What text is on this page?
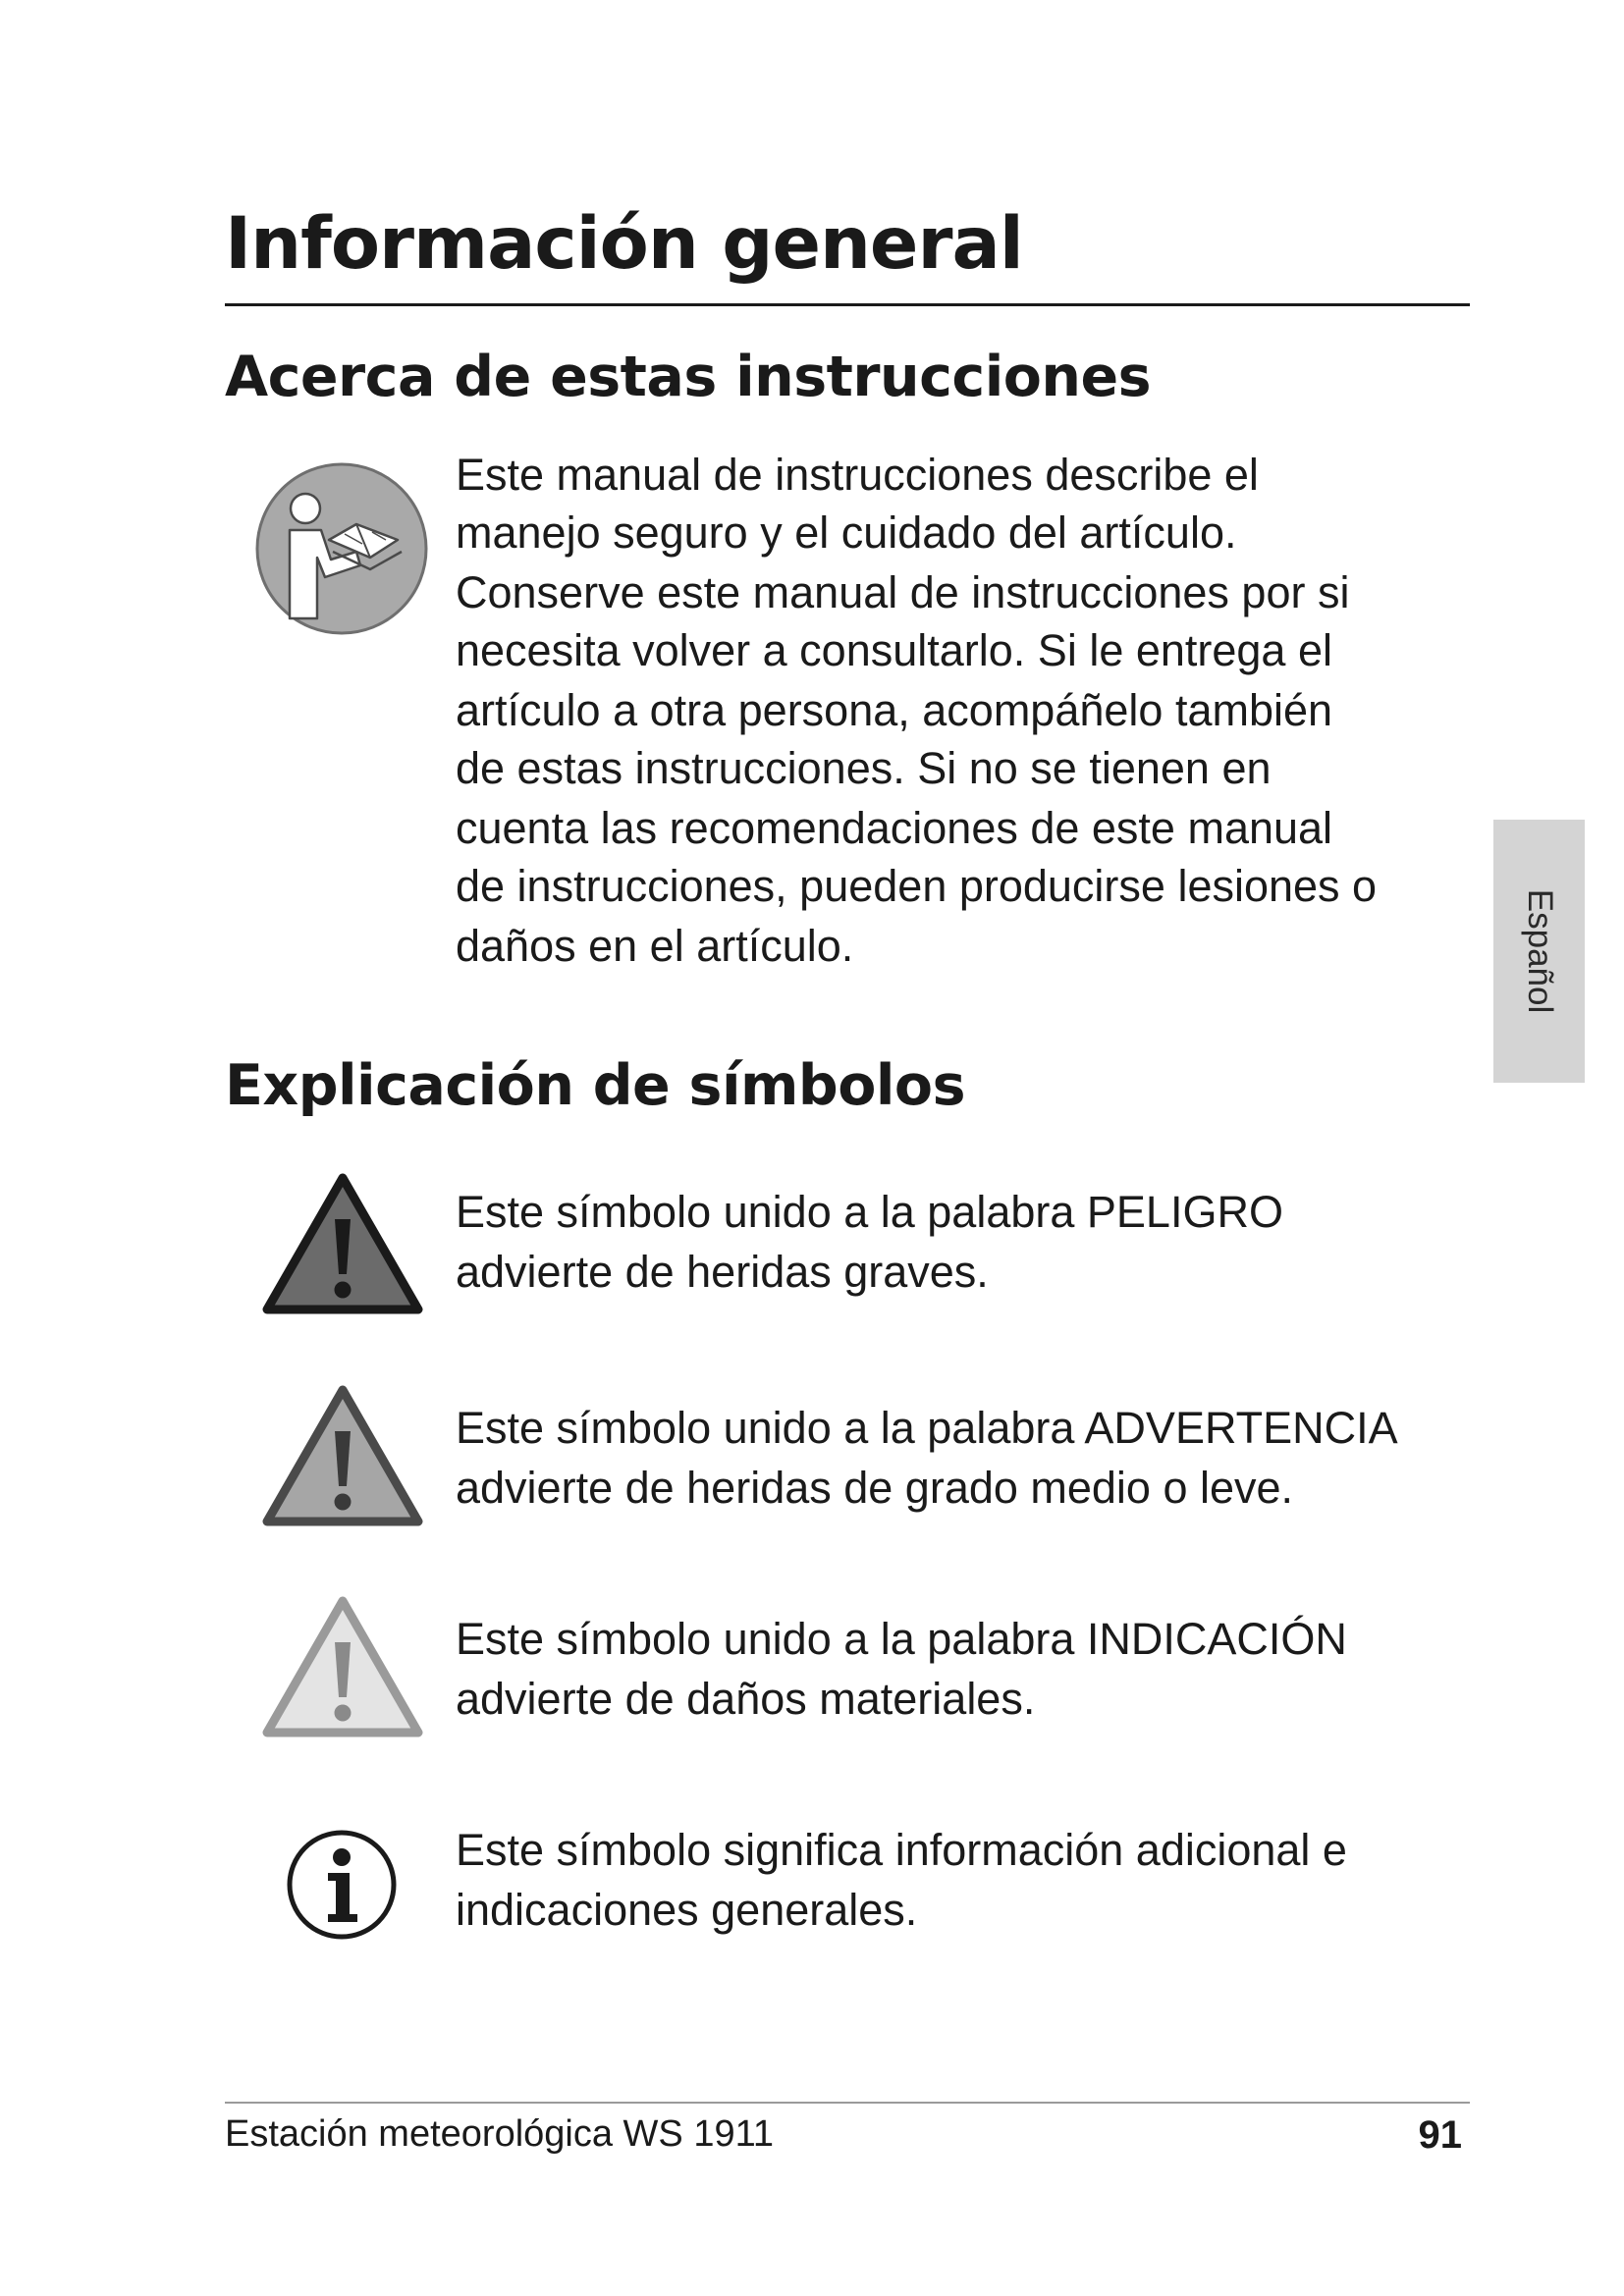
Información general
Acerca de estas instrucciones

Este manual de instrucciones describe el

manejo seguro y el cuidado del artículo.

Conserve este manual de instrucciones por si

necesita volver a consultarlo. Si le entrega el

artículo a otra persona, acompáñelo también

de estas instrucciones. Si no se tienen en

cuenta las recomendaciones de este manual

de instrucciones, pueden producirse lesiones o

daños en el artículo.	Español
Explicación de símbolos

Este símbolo unido a la palabra PELIGRO

advierte de heridas graves.

Este símbolo unido a la palabra ADVERTENCIA

advierte de heridas de grado medio o leve.

Este símbolo unido a la palabra INDICACIÓN

advierte de daños materiales.

Este símbolo significa información adicional e

indicaciones generales.

Estación meteorológica WS 1911	91
